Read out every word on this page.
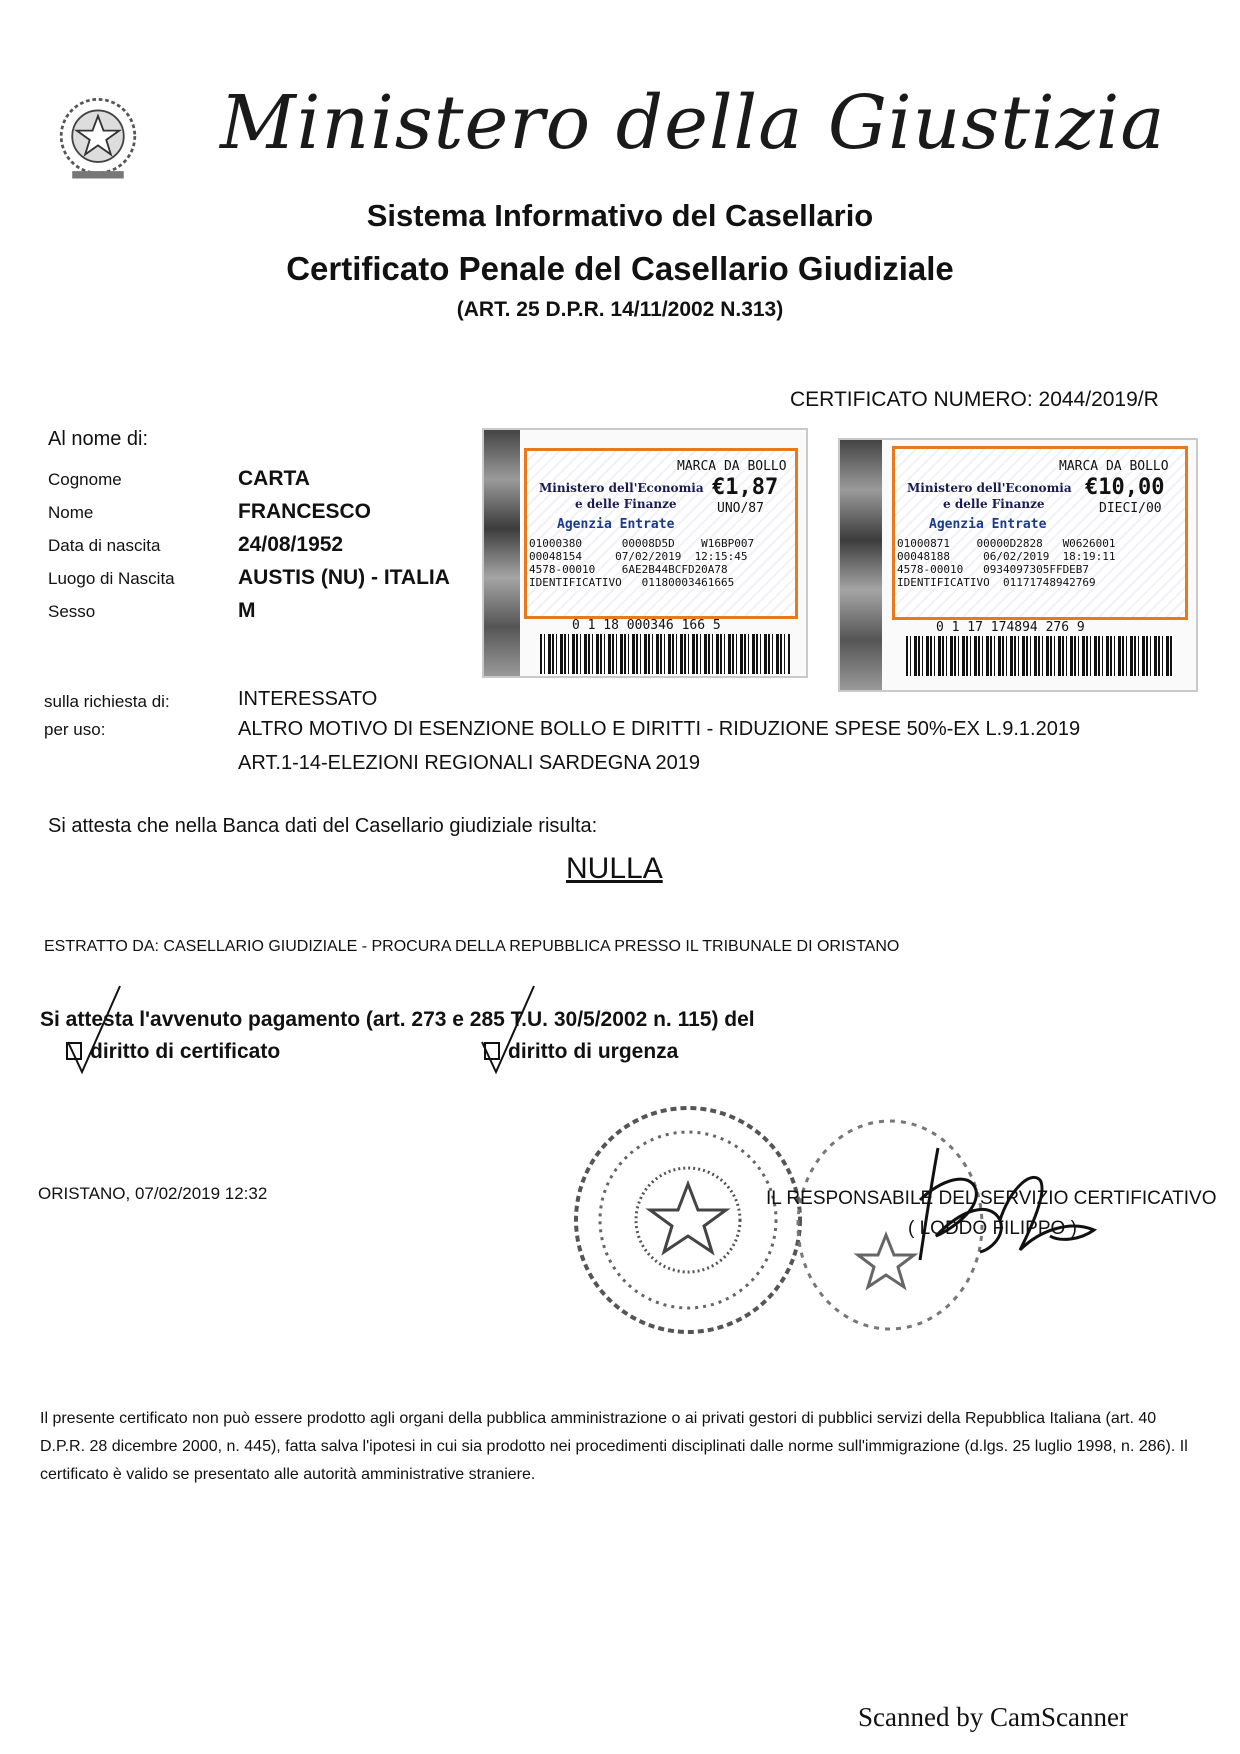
Ministero della Giustizia
Sistema Informativo del Casellario
Certificato Penale del Casellario Giudiziale
(ART. 25 D.P.R. 14/11/2002 N.313)
CERTIFICATO NUMERO: 2044/2019/R
Al nome di:
Cognome	CARTA
Nome	FRANCESCO
Data di nascita	24/08/1952
Luogo di Nascita	AUSTIS (NU) - ITALIA
Sesso	M
Ministero dell'Economia
e delle Finanze
MARCA DA BOLLO
€1,87
UNO/87
Agenzia Entrate
01000380      00008D5D    W16BP007
00048154     07/02/2019  12:15:45
4578-00010    6AE2B44BCFD20A78
IDENTIFICATIVO   01180003461665
0 1 18 000346 166 5
Ministero dell'Economia
e delle Finanze
MARCA DA BOLLO
€10,00
DIECI/00
Agenzia Entrate
01000871    00000D2828   W0626001
00048188     06/02/2019  18:19:11
4578-00010   0934097305FFDEB7
IDENTIFICATIVO  01171748942769
0 1 17 174894 276 9
sulla richiesta di:	INTERESSATO
per uso:	ALTRO MOTIVO DI ESENZIONE BOLLO E DIRITTI - RIDUZIONE SPESE 50%-EX L.9.1.2019
ART.1-14-ELEZIONI REGIONALI SARDEGNA 2019
Si attesta che nella Banca dati del Casellario giudiziale risulta:
NULLA
ESTRATTO DA: CASELLARIO GIUDIZIALE - PROCURA DELLA REPUBBLICA PRESSO IL TRIBUNALE DI ORISTANO
Si attesta l'avvenuto pagamento (art. 273 e 285 T.U. 30/5/2002 n. 115) del
diritto di certificato	diritto di urgenza
ORISTANO, 07/02/2019 12:32	IL RESPONSABILE DEL SERVIZIO CERTIFICATIVO
( LODDO FILIPPO )
Il presente certificato non può essere prodotto agli organi della pubblica amministrazione o ai privati gestori di pubblici servizi della Repubblica Italiana (art. 40 D.P.R. 28 dicembre 2000, n. 445), fatta salva l'ipotesi in cui sia prodotto nei procedimenti disciplinati dalle norme sull'immigrazione (d.lgs. 25 luglio 1998, n. 286). Il certificato è valido se presentato alle autorità amministrative straniere.
Scanned by CamScanner
